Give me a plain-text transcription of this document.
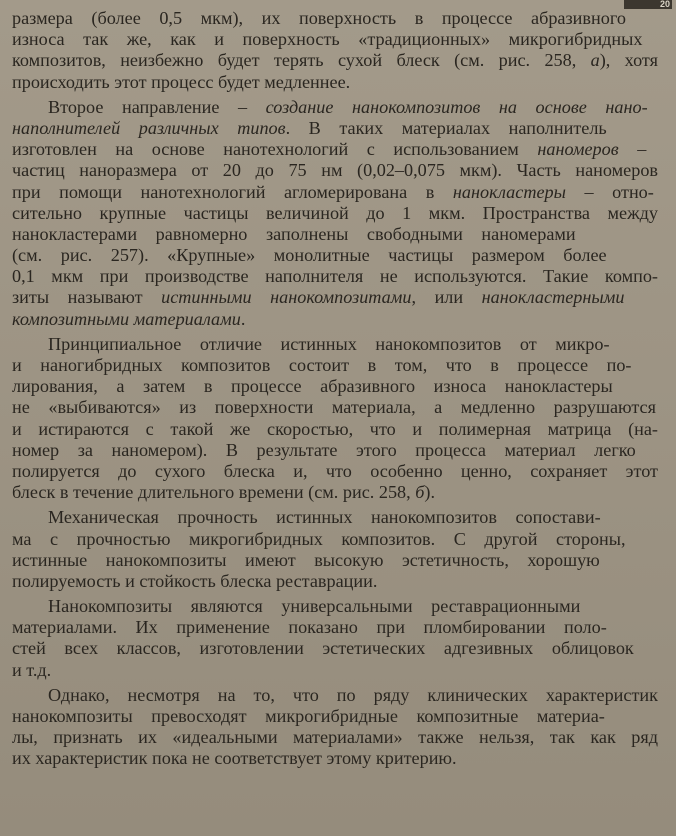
20
размера (более 0,5 мкм), их поверхность в процессе абразивного
износа так же, как и поверхность «традиционных» микрогибридных
композитов, неизбежно будет терять сухой блеск (см. рис. 258, а), хотя
происходить этот процесс будет медленнее.
Второе направление – создание нанокомпозитов на основе нано-
наполнителей различных типов. В таких материалах наполнитель
изготовлен на основе нанотехнологий с использованием наномеров –
частиц наноразмера от 20 до 75 нм (0,02–0,075 мкм). Часть наномеров
при помощи нанотехнологий агломерирована в нанокластеры – отно-
сительно крупные частицы величиной до 1 мкм. Пространства между
нанокластерами равномерно заполнены свободными наномерами
(см. рис. 257). «Крупные» монолитные частицы размером более
0,1 мкм при производстве наполнителя не используются. Такие компо-
зиты называют истинными нанокомпозитами, или нанокластерными
композитными материалами.
Принципиальное отличие истинных нанокомпозитов от микро-
и наногибридных композитов состоит в том, что в процессе по-
лирования, а затем в процессе абразивного износа нанокластеры
не «выбиваются» из поверхности материала, а медленно разрушаются
и истираются с такой же скоростью, что и полимерная матрица (на-
номер за наномером). В результате этого процесса материал легко
полируется до сухого блеска и, что особенно ценно, сохраняет этот
блеск в течение длительного времени (см. рис. 258, б).
Механическая прочность истинных нанокомпозитов сопостави-
ма с прочностью микрогибридных композитов. С другой стороны,
истинные нанокомпозиты имеют высокую эстетичность, хорошую
полируемость и стойкость блеска реставрации.
Нанокомпозиты являются универсальными реставрационными
материалами. Их применение показано при пломбировании поло-
стей всех классов, изготовлении эстетических адгезивных облицовок
и т.д.
Однако, несмотря на то, что по ряду клинических характеристик
нанокомпозиты превосходят микрогибридные композитные материа-
лы, признать их «идеальными материалами» также нельзя, так как ряд
их характеристик пока не соответствует этому критерию.
